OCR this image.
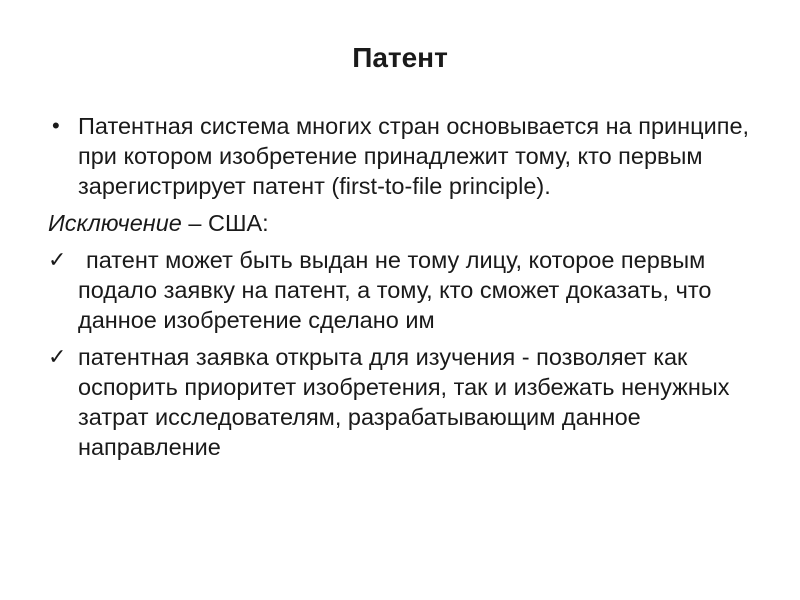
Патент
• Патентная система многих стран основывается на принципе, при котором изобретение принадлежит тому, кто первым зарегистрирует патент (first-to-file principle).
Исключение – США:
✓ патент может быть выдан не тому лицу, которое первым подало заявку на патент, а тому, кто сможет доказать, что данное изобретение сделано им
✓ патентная заявка открыта для изучения - позволяет как оспорить приоритет изобретения, так и избежать ненужных затрат исследователям, разрабатывающим данное направление
